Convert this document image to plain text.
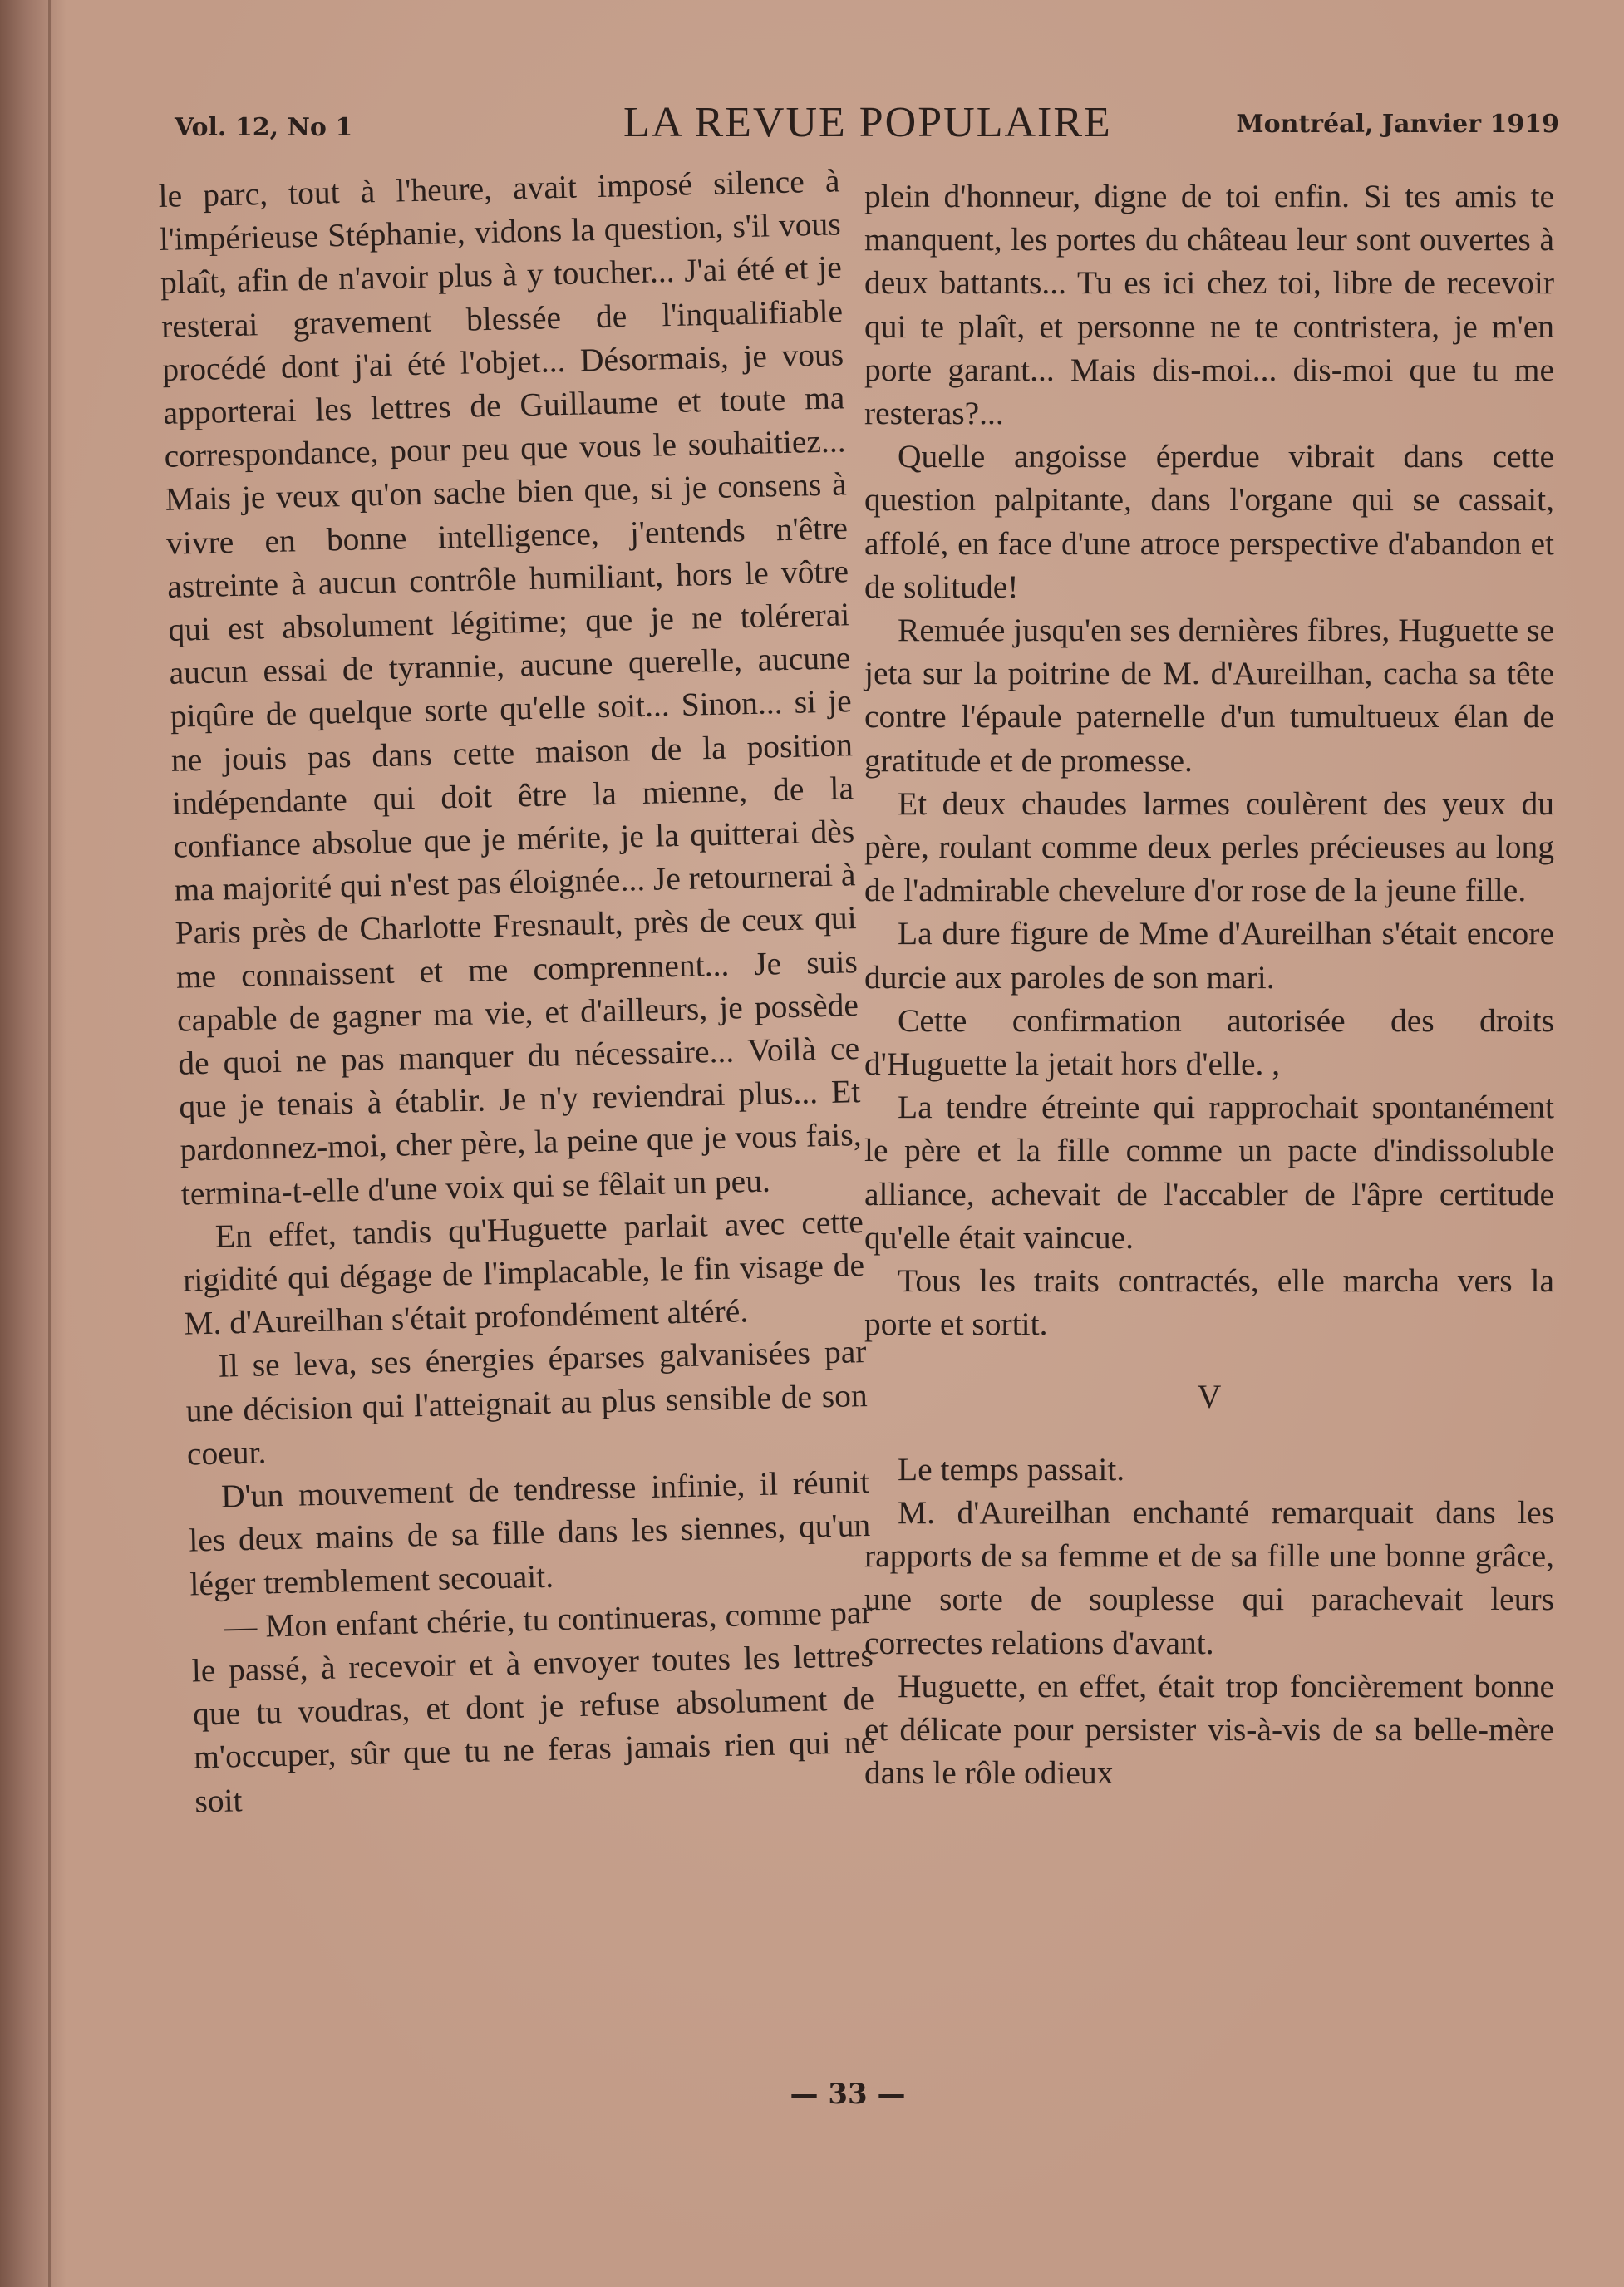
Vol. 12, No 1	LA REVUE POPULAIRE	Montréal, Janvier 1919

le parc, tout à l'heure, avait imposé silence à l'impérieuse Stéphanie, vidons la question, s'il vous plaît, afin de n'avoir plus à y toucher... J'ai été et je resterai gravement blessée de l'inqualifiable procédé dont j'ai été l'objet... Désormais, je vous apporterai les lettres de Guillaume et toute ma correspondance, pour peu que vous le souhaitiez... Mais je veux qu'on sache bien que, si je consens à vivre en bonne intelligence, j'entends n'être astreinte à aucun contrôle humiliant, hors le vôtre qui est absolument légitime; que je ne tolérerai aucun essai de tyrannie, aucune querelle, aucune piqûre de quelque sorte qu'elle soit... Sinon... si je ne jouis pas dans cette maison de la position indépendante qui doit être la mienne, de la confiance absolue que je mérite, je la quitterai dès ma majorité qui n'est pas éloignée... Je retournerai à Paris près de Charlotte Fresnault, près de ceux qui me connaissent et me comprennent... Je suis capable de gagner ma vie, et d'ailleurs, je possède de quoi ne pas manquer du nécessaire... Voilà ce que je tenais à établir. Je n'y reviendrai plus... Et pardonnez-moi, cher père, la peine que je vous fais, termina-t-elle d'une voix qui se fêlait un peu.

En effet, tandis qu'Huguette parlait avec cette rigidité qui dégage de l'implacable, le fin visage de M. d'Aureilhan s'était profondément altéré.

Il se leva, ses énergies éparses galvanisées par une décision qui l'atteignait au plus sensible de son coeur.

D'un mouvement de tendresse infinie, il réunit les deux mains de sa fille dans les siennes, qu'un léger tremblement secouait.

— Mon enfant chérie, tu continueras, comme par le passé, à recevoir et à envoyer toutes les lettres que tu voudras, et dont je refuse absolument de m'occuper, sûr que tu ne feras jamais rien qui ne soit

plein d'honneur, digne de toi enfin. Si tes amis te manquent, les portes du château leur sont ouvertes à deux battants... Tu es ici chez toi, libre de recevoir qui te plaît, et personne ne te contristera, je m'en porte garant... Mais dis-moi... dis-moi que tu me resteras?...

Quelle angoisse éperdue vibrait dans cette question palpitante, dans l'organe qui se cassait, affolé, en face d'une atroce perspective d'abandon et de solitude!

Remuée jusqu'en ses dernières fibres, Huguette se jeta sur la poitrine de M. d'Aureilhan, cacha sa tête contre l'épaule paternelle d'un tumultueux élan de gratitude et de promesse.

Et deux chaudes larmes coulèrent des yeux du père, roulant comme deux perles précieuses au long de l'admirable chevelure d'or rose de la jeune fille.

La dure figure de Mme d'Aureilhan s'était encore durcie aux paroles de son mari.

Cette confirmation autorisée des droits d'Huguette la jetait hors d'elle. ,

La tendre étreinte qui rapprochait spontanément le père et la fille comme un pacte d'indissoluble alliance, achevait de l'accabler de l'âpre certitude qu'elle était vaincue.

Tous les traits contractés, elle marcha vers la porte et sortit.

V

Le temps passait.

M. d'Aureilhan enchanté remarquait dans les rapports de sa femme et de sa fille une bonne grâce, une sorte de souplesse qui parachevait leurs correctes relations d'avant.

Huguette, en effet, était trop foncièrement bonne et délicate pour persister vis-à-vis de sa belle-mère dans le rôle odieux

— 33 —
